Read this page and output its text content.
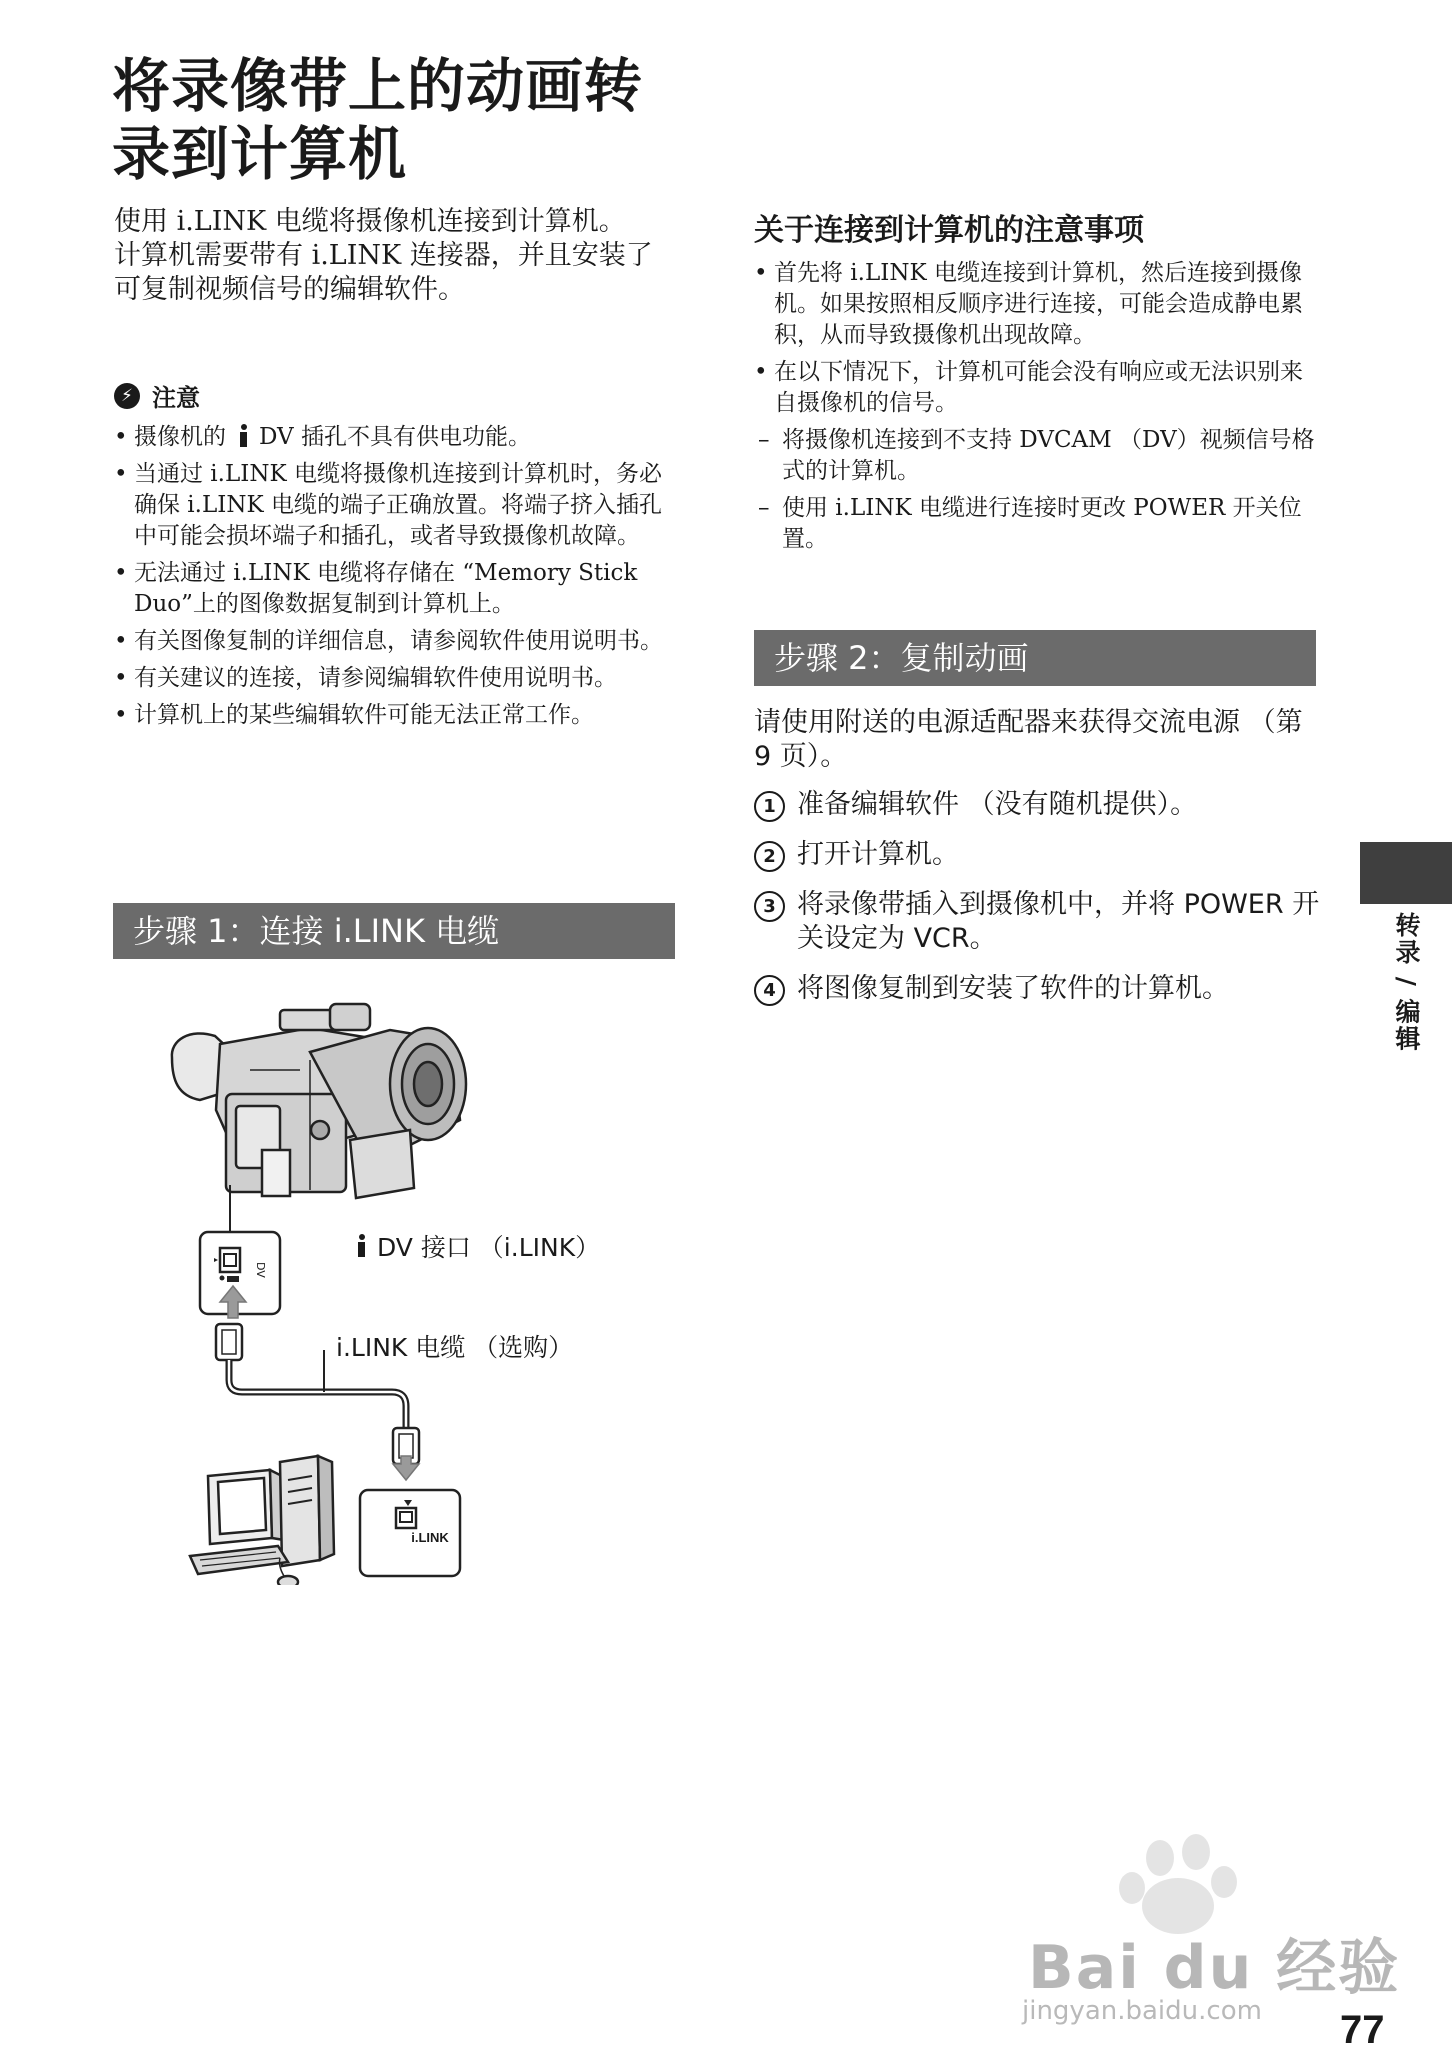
将录像带上的动画转
录到计算机

使用 i.LINK 电缆将摄像机连接到计算机。

计算机需要带有 i.LINK 连接器，并且安装了可复制视频信号的编辑软件。

⚡ 注意
• 摄像机的 DV 插孔不具有供电功能。
• 当通过 i.LINK 电缆将摄像机连接到计算机时，务必确保 i.LINK 电缆的端子正确放置。将端子挤入插孔中可能会损坏端子和插孔，或者导致摄像机故障。
• 无法通过 i.LINK 电缆将存储在 “Memory Stick Duo”上的图像数据复制到计算机上。
• 有关图像复制的详细信息，请参阅软件使用说明书。
• 有关建议的连接，请参阅编辑软件使用说明书。
• 计算机上的某些编辑软件可能无法正常工作。
步骤 1：连接 i.LINK 电缆
DV
i.LINK
DV 接口 （i.LINK）
i.LINK 电缆 （选购）
关于连接到计算机的注意事项
• 首先将 i.LINK 电缆连接到计算机，然后连接到摄像机。如果按照相反顺序进行连接，可能会造成静电累积，从而导致摄像机出现故障。
• 在以下情况下，计算机可能会没有响应或无法识别来自摄像机的信号。
– 将摄像机连接到不支持 DVCAM （DV）视频信号格式的计算机。
– 使用 i.LINK 电缆进行连接时更改 POWER 开关位置。
步骤 2：复制动画
请使用附送的电源适配器来获得交流电源 （第 9 页）。
1 准备编辑软件 （没有随机提供）。
2 打开计算机。
3 将录像带插入到摄像机中，并将 POWER 开关设定为 VCR。
4 将图像复制到安装了软件的计算机。	转录 / 编辑
Bai du 经验
jingyan.baidu.com 77
